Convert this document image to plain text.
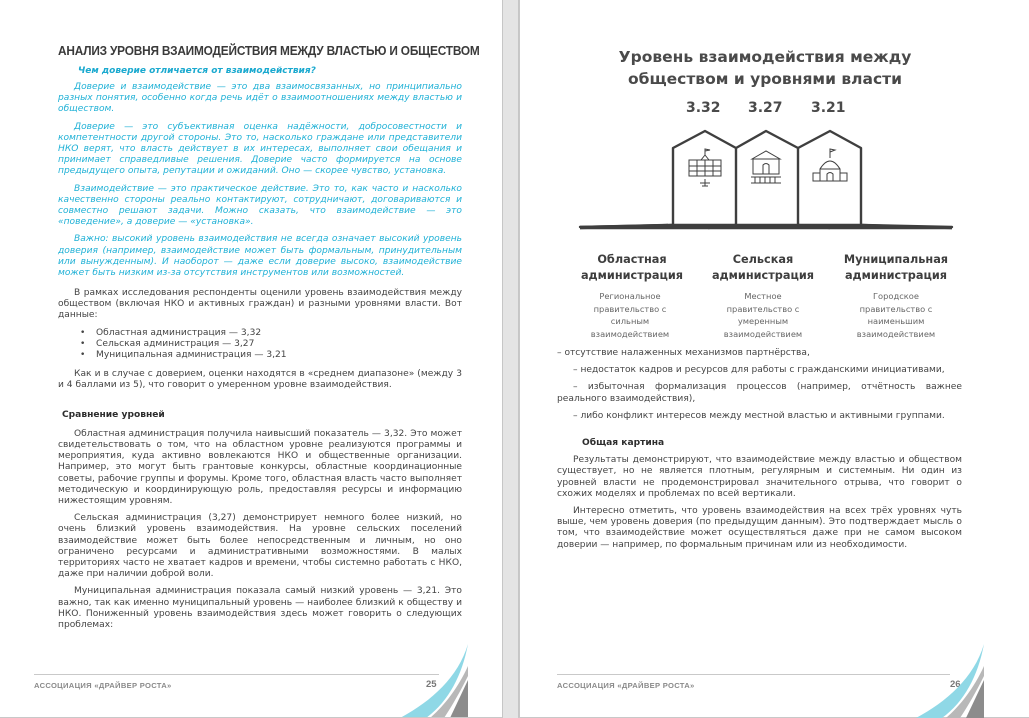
АНАЛИЗ УРОВНЯ ВЗАИМОДЕЙСТВИЯ МЕЖДУ ВЛАСТЬЮ И ОБЩЕСТВОМ
Чем доверие отличается от взаимодействия?

Доверие и взаимодействие — это два взаимосвязанных, но принципиально разных понятия, особенно когда речь идёт о взаимоотношениях между властью и обществом.

Доверие — это субъективная оценка надёжности, добросовестности и компетентности другой стороны. Это то, насколько граждане или представители НКО верят, что власть действует в их интересах, выполняет свои обещания и принимает справедливые решения. Доверие часто формируется на основе предыдущего опыта, репутации и ожиданий. Оно — скорее чувство, установка.

Взаимодействие — это практическое действие. Это то, как часто и насколько качественно стороны реально контактируют, сотрудничают, договариваются и совместно решают задачи. Можно сказать, что взаимодействие — это «поведение», а доверие — «установка».

Важно: высокий уровень взаимодействия не всегда означает высокий уровень доверия (например, взаимодействие может быть формальным, принудительным или вынужденным). И наоборот — даже если доверие высоко, взаимодействие может быть низким из-за отсутствия инструментов или возможностей.

В рамках исследования респонденты оценили уровень взаимодействия между обществом (включая НКО и активных граждан) и разными уровнями власти. Вот данные:

• Областная администрация — 3,32
• Сельская администрация — 3,27
• Муниципальная администрация — 3,21

Как и в случае с доверием, оценки находятся в «среднем диапазоне» (между 3 и 4 баллами из 5), что говорит о умеренном уровне взаимодействия.

Сравнение уровней

Областная администрация получила наивысший показатель — 3,32. Это может свидетельствовать о том, что на областном уровне реализуются программы и мероприятия, куда активно вовлекаются НКО и общественные организации. Например, это могут быть грантовые конкурсы, областные координационные советы, рабочие группы и форумы. Кроме того, областная власть часто выполняет методическую и координирующую роль, предоставляя ресурсы и информацию нижестоящим уровням.

Сельская администрация (3,27) демонстрирует немного более низкий, но очень близкий уровень взаимодействия. На уровне сельских поселений взаимодействие может быть более непосредственным и личным, но оно ограничено ресурсами и административными возможностями. В малых территориях часто не хватает кадров и времени, чтобы системно работать с НКО, даже при наличии доброй воли.

Муниципальная администрация показала самый низкий уровень — 3,21. Это важно, так как именно муниципальный уровень — наиболее близкий к обществу и НКО. Пониженный уровень взаимодействия здесь может говорить о следующих проблемах:

АССОЦИАЦИЯ «ДРАЙВЕР РОСТА»	25
Уровень взаимодействия между
обществом и уровнями власти
3.32 3.27 3.21
Областная
администрация
Сельская
администрация
Муниципальная
администрация
Региональное
правительство с
сильным
взаимодействием
Местное
правительство с
умеренным
взаимодействием
Городское
правительство с
наименьшим
взаимодействием

– отсутствие налаженных механизмов партнёрства,

– недостаток кадров и ресурсов для работы с гражданскими инициативами,

– избыточная формализация процессов (например, отчётность важнее реального взаимодействия),

– либо конфликт интересов между местной властью и активными группами.

Общая картина

Результаты демонстрируют, что взаимодействие между властью и обществом существует, но не является плотным, регулярным и системным. Ни один из уровней власти не продемонстрировал значительного отрыва, что говорит о схожих моделях и проблемах по всей вертикали.

Интересно отметить, что уровень взаимодействия на всех трёх уровнях чуть выше, чем уровень доверия (по предыдущим данным). Это подтверждает мысль о том, что взаимодействие может осуществляться даже при не самом высоком доверии — например, по формальным причинам или из необходимости.

АССОЦИАЦИЯ «ДРАЙВЕР РОСТА»	26
